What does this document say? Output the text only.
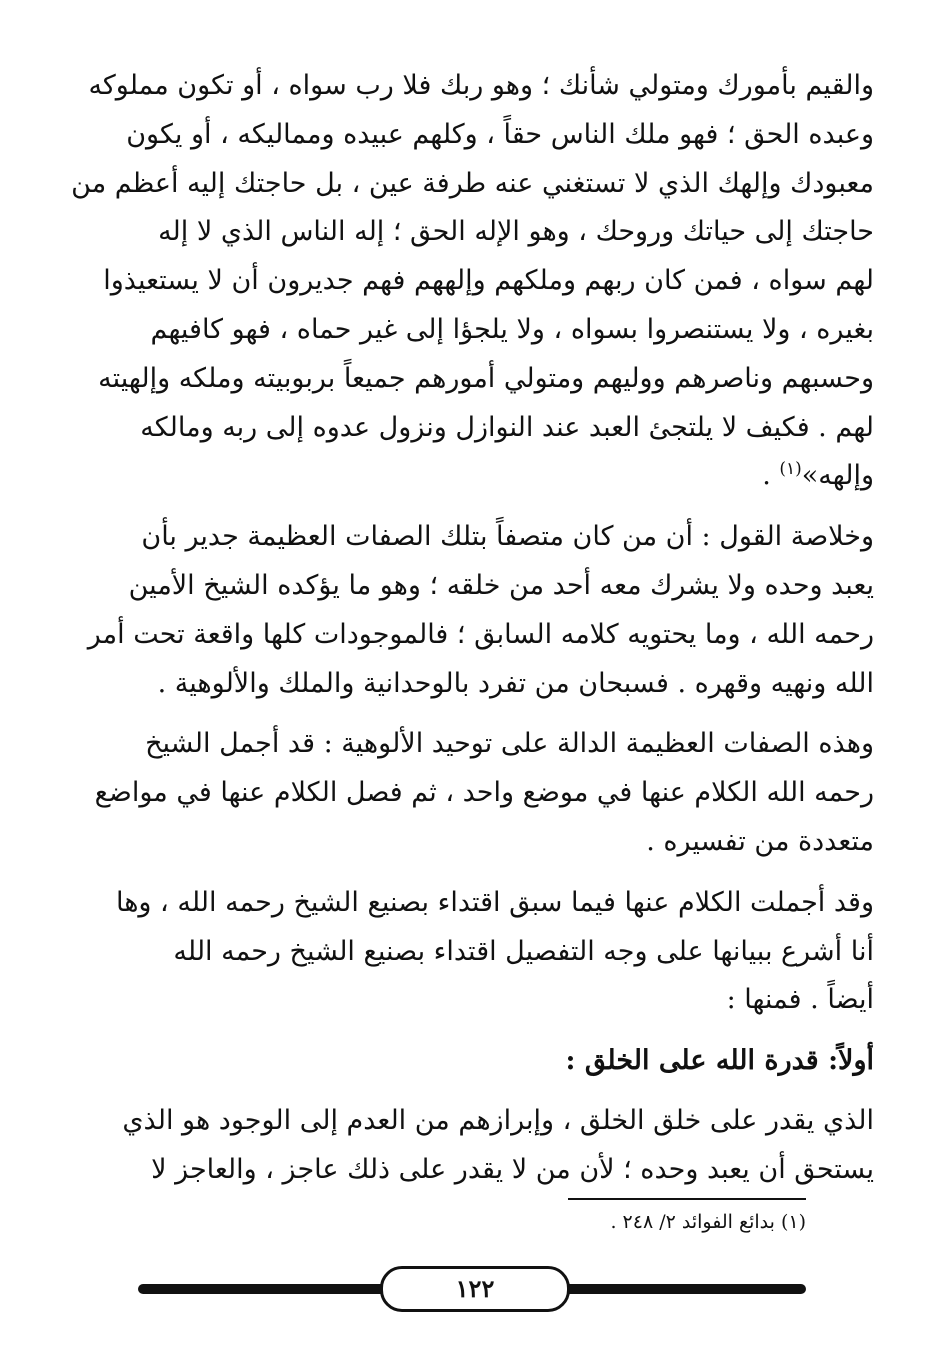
والقيم بأمورك ومتولي شأنك ؛ وهو ربك فلا رب سواه ، أو تكون مملوكه
وعبده الحق ؛ فهو ملك الناس حقاً ، وكلهم عبيده ومماليكه ، أو يكون
معبودك وإلهك الذي لا تستغني عنه طرفة عين ، بل حاجتك إليه أعظم من
حاجتك إلى حياتك وروحك ، وهو الإله الحق ؛ إله الناس الذي لا إله
لهم سواه ، فمن كان ربهم وملكهم وإلههم فهم جديرون أن لا يستعيذوا
بغيره ، ولا يستنصروا بسواه ، ولا يلجؤا إلى غير حماه ، فهو كافيهم
وحسبهم وناصرهم ووليهم ومتولي أمورهم جميعاً بربوبيته وملكه وإلهيته
لهم . فكيف لا يلتجئ العبد عند النوازل ونزول عدوه إلى ربه ومالكه
وإلهه»$^{(١)}$ .

وخلاصة القول : أن من كان متصفاً بتلك الصفات العظيمة جدير بأن
يعبد وحده ولا يشرك معه أحد من خلقه ؛ وهو ما يؤكده الشيخ الأمين
رحمه الله ، وما يحتويه كلامه السابق ؛ فالموجودات كلها واقعة تحت أمر
الله ونهيه وقهره . فسبحان من تفرد بالوحدانية والملك والألوهية .

وهذه الصفات العظيمة الدالة على توحيد الألوهية : قد أجمل الشيخ
رحمه الله الكلام عنها في موضع واحد ، ثم فصل الكلام عنها في مواضع
متعددة من تفسيره .

وقد أجملت الكلام عنها فيما سبق اقتداء بصنيع الشيخ رحمه الله ، وها
أنا أشرع ببيانها على وجه التفصيل اقتداء بصنيع الشيخ رحمه الله
أيضاً . فمنها :

أولاً: قدرة الله على الخلق :

الذي يقدر على خلق الخلق ، وإبرازهم من العدم إلى الوجود هو الذي
يستحق أن يعبد وحده ؛ لأن من لا يقدر على ذلك عاجز ، والعاجز لا

(١) بدائع الفوائد ٢/ ٢٤٨ .
١٢٢
